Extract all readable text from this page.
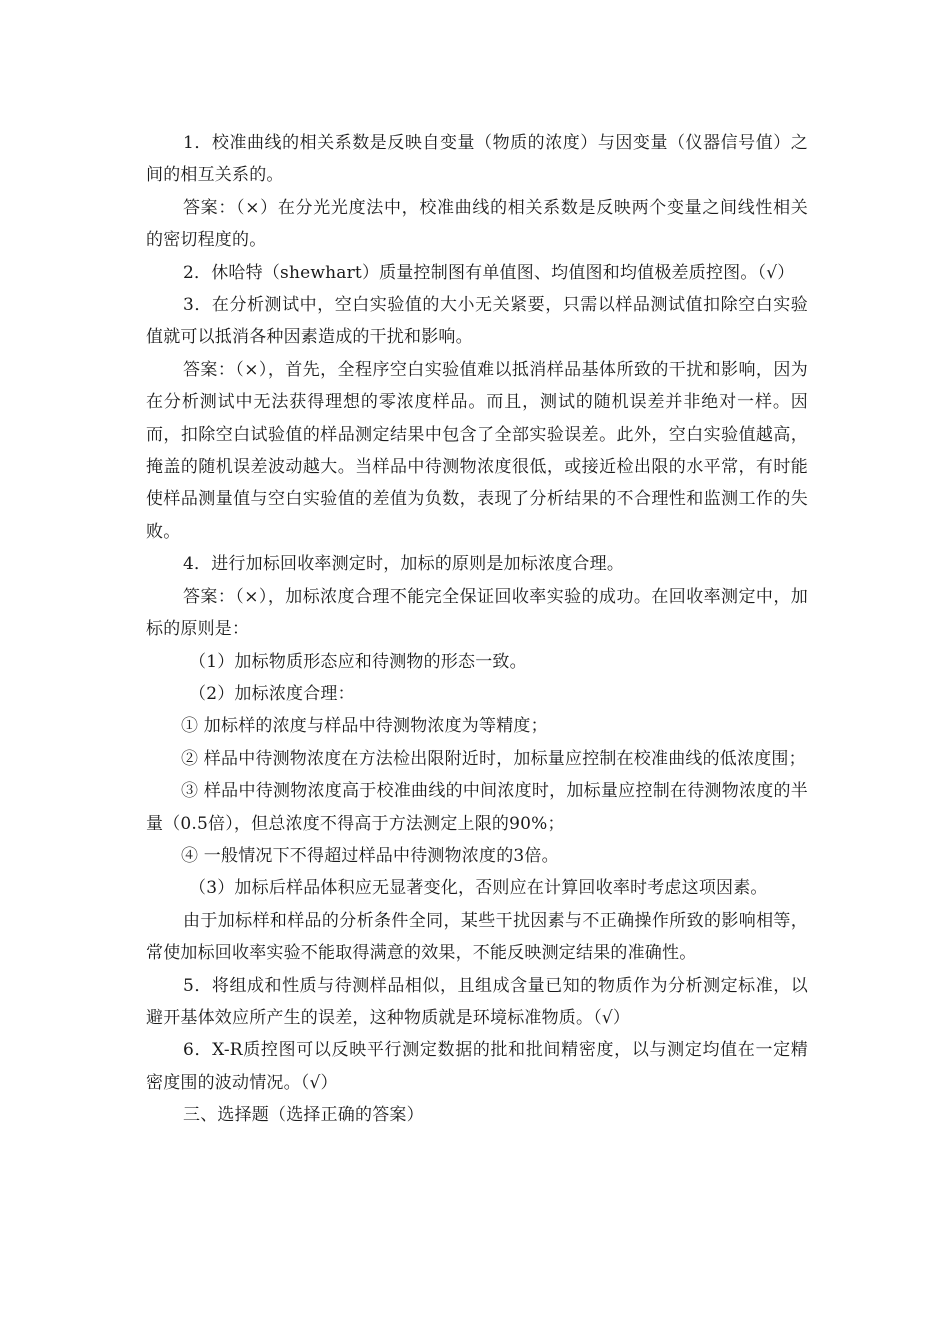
1．校准曲线的相关系数是反映自变量（物质的浓度）与因变量（仪器信号值）之间的相互关系的。

答案：（×）在分光光度法中，校准曲线的相关系数是反映两个变量之间线性相关的密切程度的。

2．休哈特（shewhart）质量控制图有单值图、均值图和均值极差质控图。（√）

3．在分析测试中，空白实验值的大小无关紧要，只需以样品测试值扣除空白实验值就可以抵消各种因素造成的干扰和影响。

答案：（×），首先，全程序空白实验值难以抵消样品基体所致的干扰和影响，因为在分析测试中无法获得理想的零浓度样品。而且，测试的随机误差并非绝对一样。因而，扣除空白试验值的样品测定结果中包含了全部实验误差。此外，空白实验值越高，掩盖的随机误差波动越大。当样品中待测物浓度很低，或接近检出限的水平常，有时能使样品测量值与空白实验值的差值为负数，表现了分析结果的不合理性和监测工作的失败。

4．进行加标回收率测定时，加标的原则是加标浓度合理。

答案：（×），加标浓度合理不能完全保证回收率实验的成功。在回收率测定中，加标的原则是：

（1）加标物质形态应和待测物的形态一致。

（2）加标浓度合理：

① 加标样的浓度与样品中待测物浓度为等精度；

② 样品中待测物浓度在方法检出限附近时，加标量应控制在校准曲线的低浓度围；

③ 样品中待测物浓度高于校准曲线的中间浓度时，加标量应控制在待测物浓度的半量（0.5倍），但总浓度不得高于方法测定上限的90%；

④ 一般情况下不得超过样品中待测物浓度的3倍。

（3）加标后样品体积应无显著变化，否则应在计算回收率时考虑这项因素。

由于加标样和样品的分析条件全同，某些干扰因素与不正确操作所致的影响相等，常使加标回收率实验不能取得满意的效果，不能反映测定结果的准确性。

5．将组成和性质与待测样品相似，且组成含量已知的物质作为分析测定标准，以避开基体效应所产生的误差，这种物质就是环境标准物质。（√）

6．X-R质控图可以反映平行测定数据的批和批间精密度，以与测定均值在一定精密度围的波动情况。（√）

三、选择题（选择正确的答案）
